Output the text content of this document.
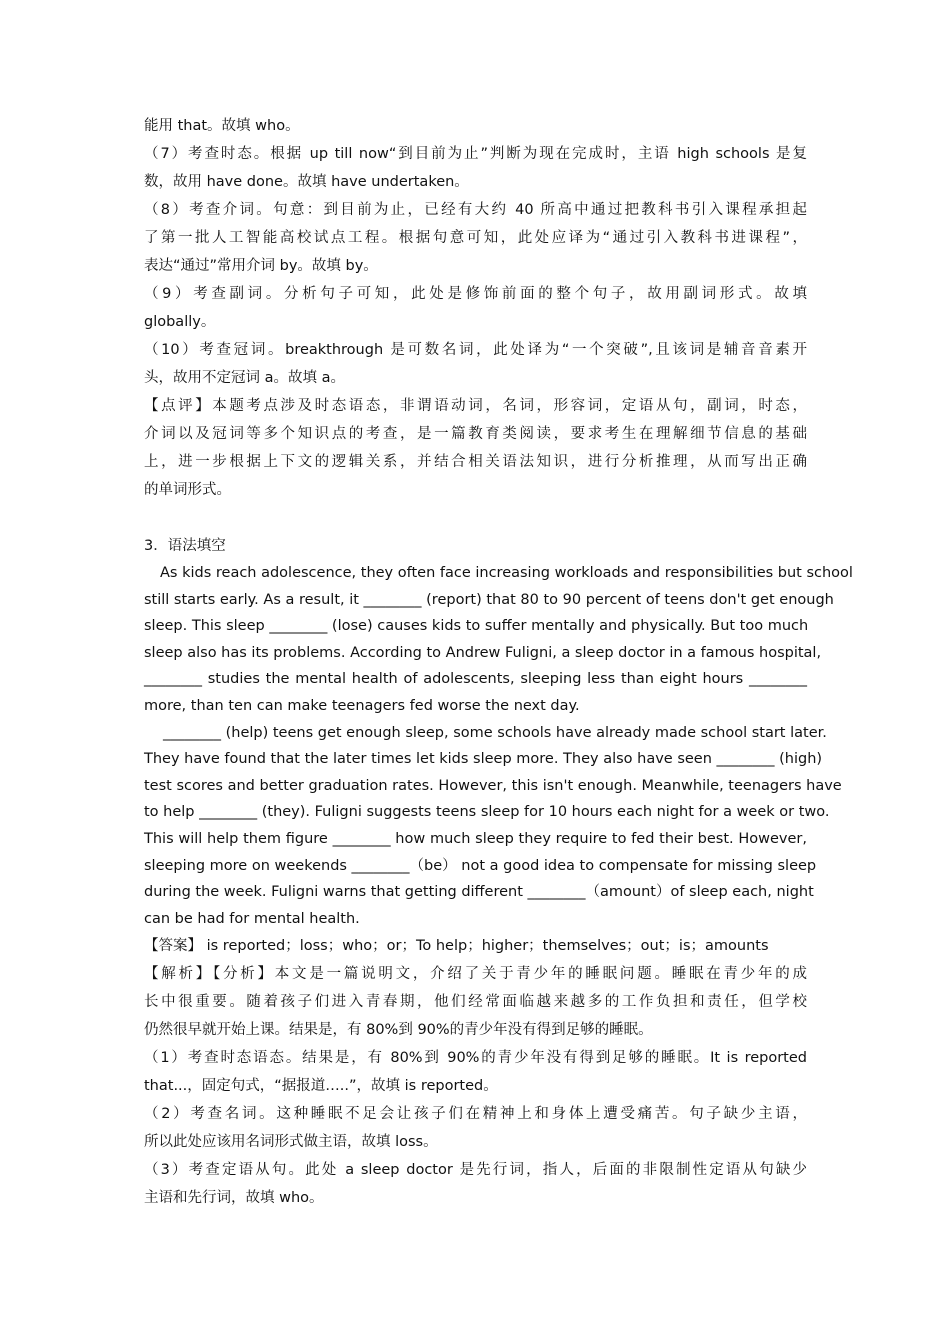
能用 that。故填 who。
（7）考查时态。根据 up till now“到目前为止”判断为现在完成时，主语 high schools 是复
数，故用 have done。故填 have undertaken。
（8）考查介词。句意：到目前为止，已经有大约 40 所高中通过把教科书引入课程承担起
了第一批人工智能高校试点工程。根据句意可知，此处应译为“通过引入教科书进课程”，
表达“通过”常用介词 by。故填 by。
（9）考查副词。分析句子可知，此处是修饰前面的整个句子，故用副词形式。故填
globally。
（10）考查冠词。breakthrough 是可数名词，此处译为“一个突破”,且该词是辅音音素开
头，故用不定冠词 a。故填 a。
【点评】本题考点涉及时态语态，非谓语动词，名词，形容词，定语从句，副词，时态，
介词以及冠词等多个知识点的考查，是一篇教育类阅读，要求考生在理解细节信息的基础
上，进一步根据上下文的逻辑关系，并结合相关语法知识，进行分析推理，从而写出正确
的单词形式。
3．语法填空
As kids reach adolescence, they often face increasing workloads and responsibilities but school
still starts early. As a result, it ________ (report) that 80 to 90 percent of teens don't get enough
sleep. This sleep ________ (lose) causes kids to suffer mentally and physically. But too much
sleep also has its problems. According to Andrew Fuligni, a sleep doctor in a famous hospital,
________ studies the mental health of adolescents, sleeping less than eight hours ________
more, than ten can make teenagers fed worse the next day.
________ (help) teens get enough sleep, some schools have already made school start later.
They have found that the later times let kids sleep more. They also have seen ________ (high)
test scores and better graduation rates. However, this isn't enough. Meanwhile, teenagers have
to help ________ (they). Fuligni suggests teens sleep for 10 hours each night for a week or two.
This will help them figure ________ how much sleep they require to fed their best. However,
sleeping more on weekends ________（be） not a good idea to compensate for missing sleep
during the week. Fuligni warns that getting different ________（amount）of sleep each, night
can be had for mental health.
【答案】 is reported；loss；who；or；To help；higher；themselves；out；is；amounts
【解析】【分析】本文是一篇说明文，介绍了关于青少年的睡眠问题。睡眠在青少年的成
长中很重要。随着孩子们进入青春期，他们经常面临越来越多的工作负担和责任，但学校
仍然很早就开始上课。结果是，有 80%到 90%的青少年没有得到足够的睡眠。
（1）考查时态语态。结果是，有 80%到 90%的青少年没有得到足够的睡眠。It is reported
that...，固定句式，“据报道…..”，故填 is reported。
（2）考查名词。这种睡眠不足会让孩子们在精神上和身体上遭受痛苦。句子缺少主语，
所以此处应该用名词形式做主语，故填 loss。
（3）考查定语从句。此处 a sleep doctor 是先行词，指人，后面的非限制性定语从句缺少
主语和先行词，故填 who。
